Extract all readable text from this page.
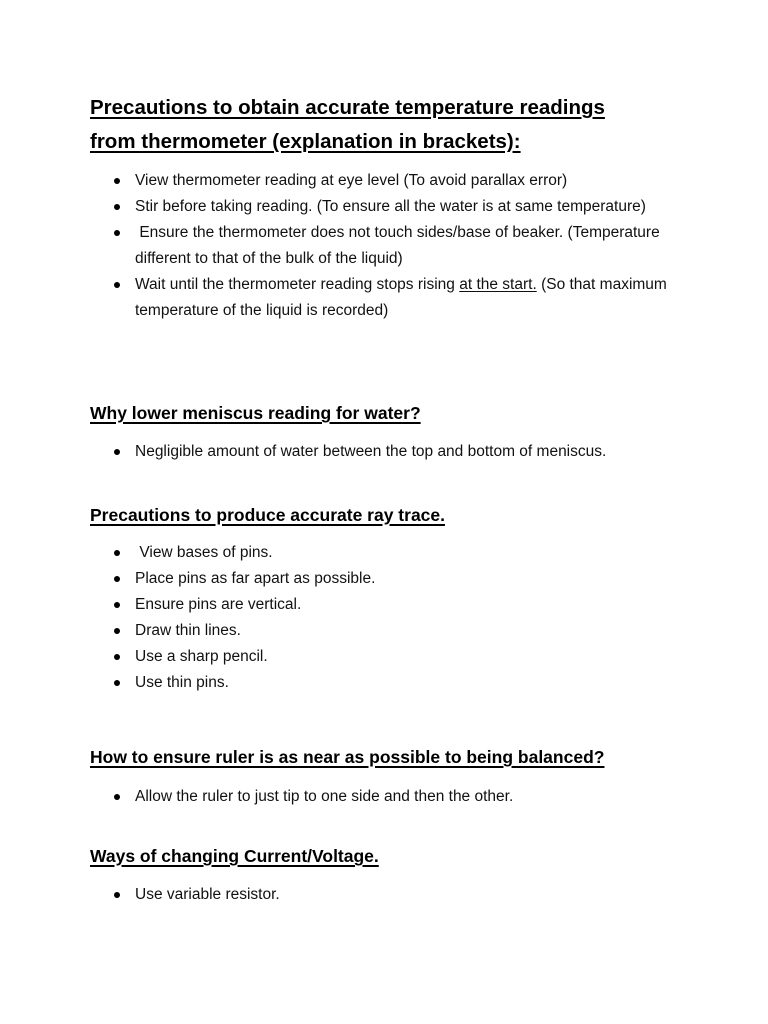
Precautions to obtain accurate temperature readings
from thermometer (explanation in brackets):
View thermometer reading at eye level (To avoid parallax error)
Stir before taking reading. (To ensure all the water is at same temperature)
Ensure the thermometer does not touch sides/base of beaker. (Temperature different to that of the bulk of the liquid)
Wait until the thermometer reading stops rising at the start. (So that maximum temperature of the liquid is recorded)
Why lower meniscus reading for water?
Negligible amount of water between the top and bottom of meniscus.
Precautions to produce accurate ray trace.
View bases of pins.
Place pins as far apart as possible.
Ensure pins are vertical.
Draw thin lines.
Use a sharp pencil.
Use thin pins.
How to ensure ruler is as near as possible to being balanced?
Allow the ruler to just tip to one side and then the other.
Ways of changing Current/Voltage.
Use variable resistor.
